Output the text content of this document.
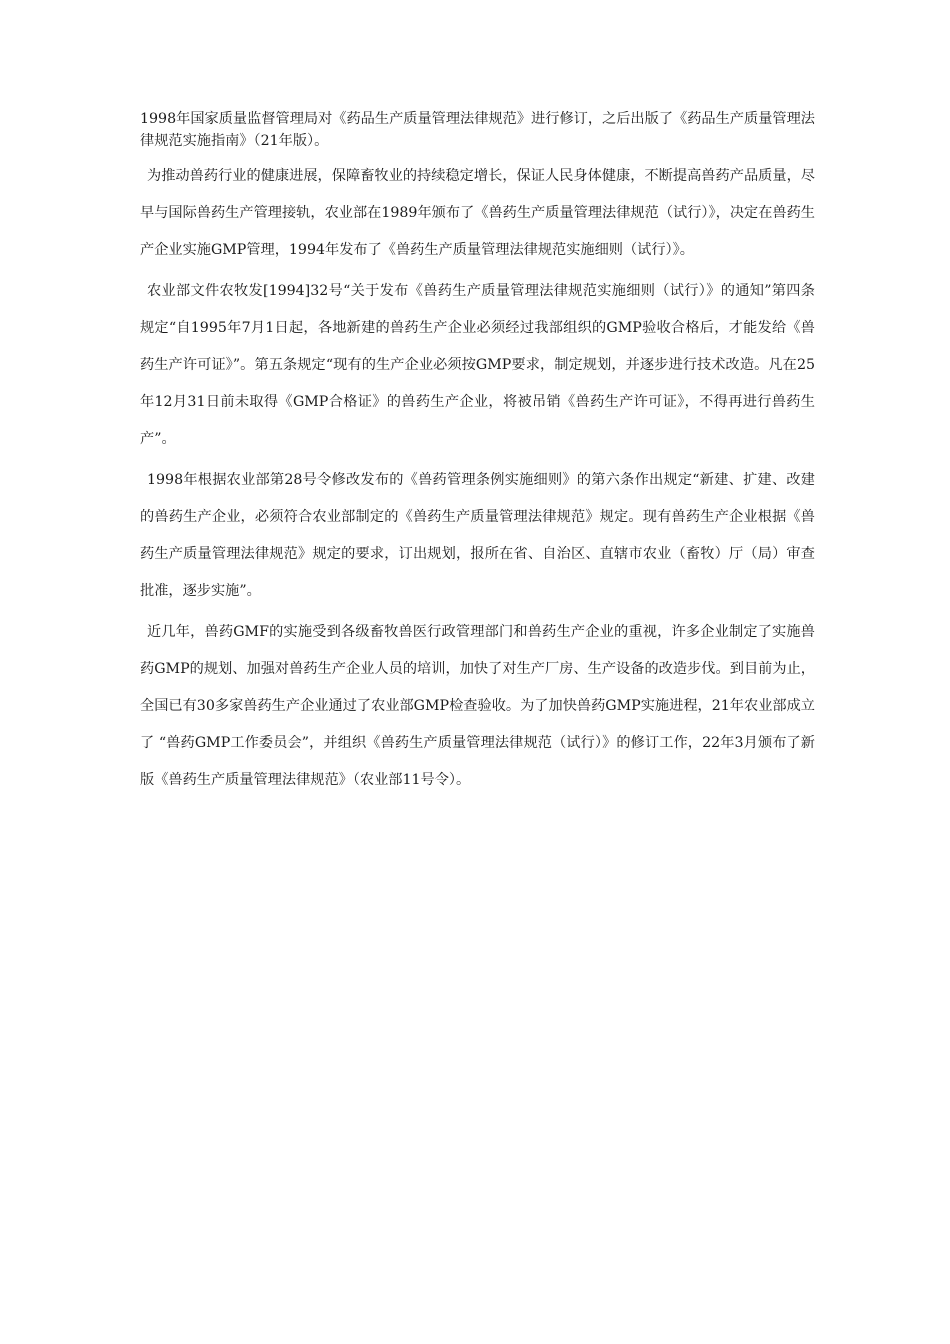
1998年国家质量监督管理局对《药品生产质量管理法律规范》进行修订，之后出版了《药品生产质量管理法律规范实施指南》（21年版）。

为推动兽药行业的健康进展，保障畜牧业的持续稳定增长，保证人民身体健康，不断提高兽药产品质量，尽早与国际兽药生产管理接轨，农业部在1989年颁布了《兽药生产质量管理法律规范（试行）》，决定在兽药生产企业实施GMP管理，1994年发布了《兽药生产质量管理法律规范实施细则（试行）》。

农业部文件农牧发[1994]32号“关于发布《兽药生产质量管理法律规范实施细则（试行）》的通知”第四条规定“自1995年7月1日起，各地新建的兽药生产企业必须经过我部组织的GMP验收合格后，才能发给《兽药生产许可证》”。第五条规定“现有的生产企业必须按GMP要求，制定规划，并逐步进行技术改造。凡在25年12月31日前未取得《GMP合格证》的兽药生产企业，将被吊销《兽药生产许可证》，不得再进行兽药生产”。

1998年根据农业部第28号令修改发布的《兽药管理条例实施细则》的第六条作出规定“新建、扩建、改建的兽药生产企业，必须符合农业部制定的《兽药生产质量管理法律规范》规定。现有兽药生产企业根据《兽药生产质量管理法律规范》规定的要求，订出规划，报所在省、自治区、直辖市农业（畜牧）厅（局）审查批准，逐步实施”。

近几年，兽药GMF的实施受到各级畜牧兽医行政管理部门和兽药生产企业的重视，许多企业制定了实施兽药GMP的规划、加强对兽药生产企业人员的培训，加快了对生产厂房、生产设备的改造步伐。到目前为止，全国已有30多家兽药生产企业通过了农业部GMP检查验收。为了加快兽药GMP实施进程，21年农业部成立了 “兽药GMP工作委员会”，并组织《兽药生产质量管理法律规范（试行）》的修订工作，22年3月颁布了新版《兽药生产质量管理法律规范》（农业部11号令）。
